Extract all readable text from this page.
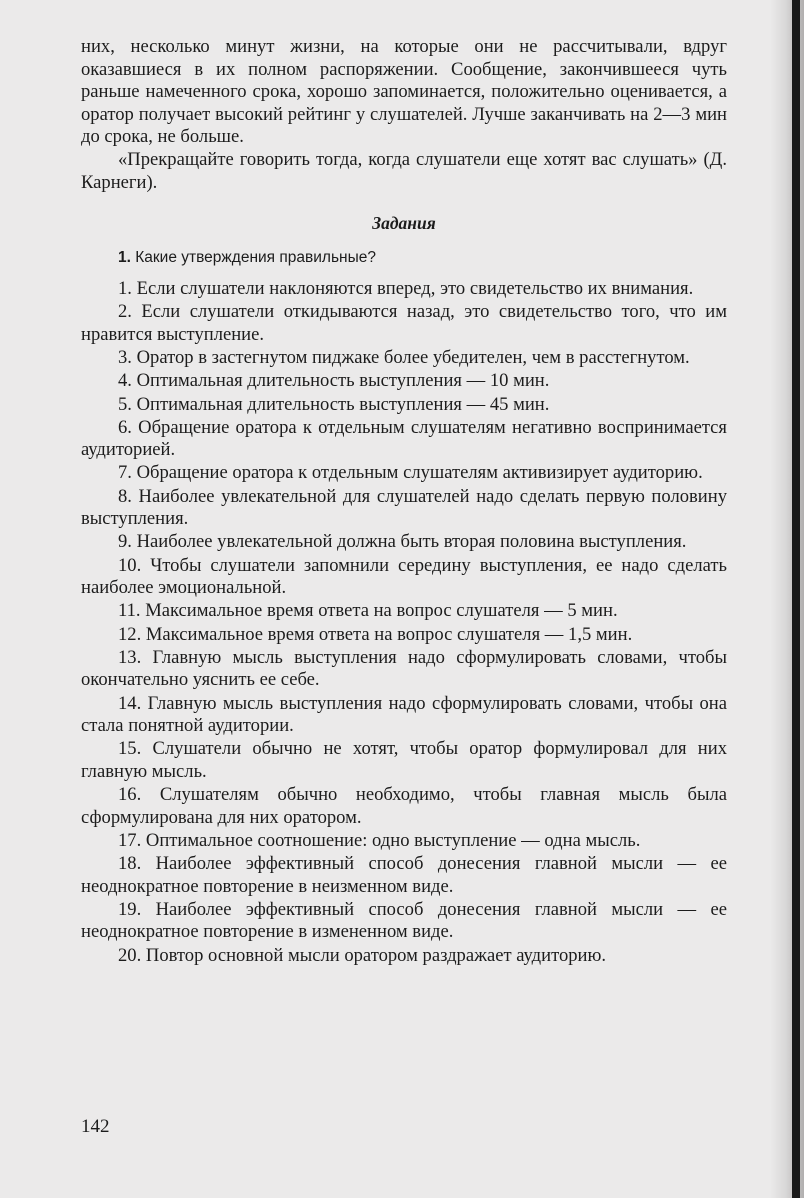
них, несколько минут жизни, на которые они не рассчитывали, вдруг оказавшиеся в их полном распоряжении. Сообщение, закончившееся чуть раньше намеченного срока, хорошо запоминается, положительно оценивается, а оратор получает высокий рейтинг у слушателей. Лучше заканчивать на 2—3 мин до срока, не больше.

«Прекращайте говорить тогда, когда слушатели еще хотят вас слушать» (Д. Карнеги).

Задания
1. Какие утверждения правильные?

1. Если слушатели наклоняются вперед, это свидетельство их внимания.

2. Если слушатели откидываются назад, это свидетельство того, что им нравится выступление.

3. Оратор в застегнутом пиджаке более убедителен, чем в расстегнутом.

4. Оптимальная длительность выступления — 10 мин.

5. Оптимальная длительность выступления — 45 мин.

6. Обращение оратора к отдельным слушателям негативно воспринимается аудиторией.

7. Обращение оратора к отдельным слушателям активизирует аудиторию.

8. Наиболее увлекательной для слушателей надо сделать первую половину выступления.

9. Наиболее увлекательной должна быть вторая половина выступления.

10. Чтобы слушатели запомнили середину выступления, ее надо сделать наиболее эмоциональной.

11. Максимальное время ответа на вопрос слушателя — 5 мин.

12. Максимальное время ответа на вопрос слушателя — 1,5 мин.

13. Главную мысль выступления надо сформулировать словами, чтобы окончательно уяснить ее себе.

14. Главную мысль выступления надо сформулировать словами, чтобы она стала понятной аудитории.

15. Слушатели обычно не хотят, чтобы оратор формулировал для них главную мысль.

16. Слушателям обычно необходимо, чтобы главная мысль была сформулирована для них оратором.

17. Оптимальное соотношение: одно выступление — одна мысль.

18. Наиболее эффективный способ донесения главной мысли — ее неоднократное повторение в неизменном виде.

19. Наиболее эффективный способ донесения главной мысли — ее неоднократное повторение в измененном виде.

20. Повтор основной мысли оратором раздражает аудиторию.

142
